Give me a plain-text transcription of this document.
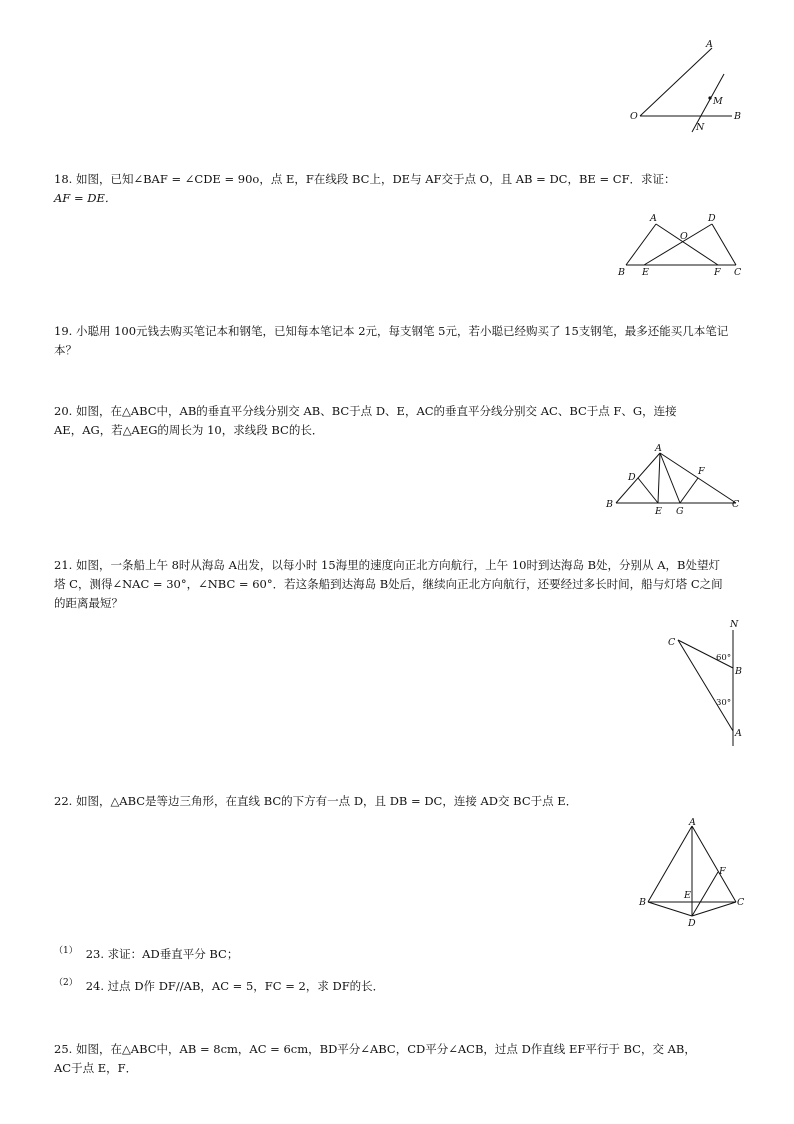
A
M
O
N
B
18. 如图，已知∠BAF = ∠CDE = 90o，点 E，F在线段 BC上，DE与 AF交于点 O，且 AB = DC，BE = CF．求证：
AF = DE．
A	D
O
B E	F C
19. 小聪用 100元钱去购买笔记本和钢笔，已知每本笔记本 2元，每支钢笔 5元，若小聪已经购买了 15支钢笔，最多还能买几本笔记
本？
20. 如图，在△ABC中，AB的垂直平分线分别交 AB、BC于点 D、E，AC的垂直平分线分别交 AC、BC于点 F、G，连接
AE，AG，若△AEG的周长为 10，求线段 BC的长．
A
D
F
B
E G
C
21. 如图，一条船上午 8时从海岛 A出发，以每小时 15海里的速度向正北方向航行，上午 10时到达海岛 B处，分别从 A，B处望灯
塔 C，测得∠NAC = 30°，∠NBC = 60°．若这条船到达海岛 B处后，继续向正北方向航行，还要经过多长时间，船与灯塔 C之间
的距离最短？
N
C
B
A
60°
30°
22. 如图，△ABC是等边三角形，在直线 BC的下方有一点 D，且 DB = DC，连接 AD交 BC于点 E．
A
F
E
B	C
D
$^{(1)}$ 23. 求证：AD垂直平分 BC；
$^{(2)}$ 24. 过点 D作 DF//AB，AC = 5，FC = 2，求 DF的长．
25. 如图，在△ABC中，AB = 8cm，AC = 6cm，BD平分∠ABC，CD平分∠ACB，过点 D作直线 EF平行于 BC，交 AB，
AC于点 E，F．
